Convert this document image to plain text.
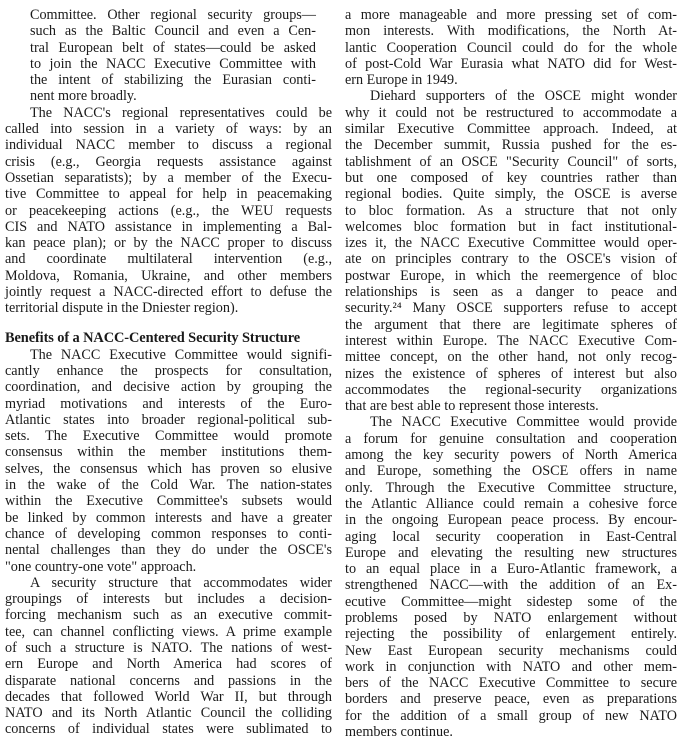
Committee. Other regional security groups—
such as the Baltic Council and even a Cen-
tral European belt of states—could be asked
to join the NACC Executive Committee with
the intent of stabilizing the Eurasian conti-
nent more broadly.
The NACC's regional representatives could be
called into session in a variety of ways: by an
individual NACC member to discuss a regional
crisis (e.g., Georgia requests assistance against
Ossetian separatists); by a member of the Execu-
tive Committee to appeal for help in peacemaking
or peacekeeping actions (e.g., the WEU requests
CIS and NATO assistance in implementing a Bal-
kan peace plan); or by the NACC proper to discuss
and coordinate multilateral intervention (e.g.,
Moldova, Romania, Ukraine, and other members
jointly request a NACC-directed effort to defuse the
territorial dispute in the Dniester region).
Benefits of a NACC-Centered Security Structure
The NACC Executive Committee would signifi-
cantly enhance the prospects for consultation,
coordination, and decisive action by grouping the
myriad motivations and interests of the Euro-
Atlantic states into broader regional-political sub-
sets. The Executive Committee would promote
consensus within the member institutions them-
selves, the consensus which has proven so elusive
in the wake of the Cold War. The nation-states
within the Executive Committee's subsets would
be linked by common interests and have a greater
chance of developing common responses to conti-
nental challenges than they do under the OSCE's
"one country-one vote" approach.
A security structure that accommodates wider
groupings of interests but includes a decision-
forcing mechanism such as an executive commit-
tee, can channel conflicting views. A prime example
of such a structure is NATO. The nations of west-
ern Europe and North America had scores of
disparate national concerns and passions in the
decades that followed World War II, but through
NATO and its North Atlantic Council the colliding
concerns of individual states were sublimated to
a more manageable and more pressing set of com-
mon interests. With modifications, the North At-
lantic Cooperation Council could do for the whole
of post-Cold War Eurasia what NATO did for West-
ern Europe in 1949.
Diehard supporters of the OSCE might wonder
why it could not be restructured to accommodate a
similar Executive Committee approach. Indeed, at
the December summit, Russia pushed for the es-
tablishment of an OSCE "Security Council" of sorts,
but one composed of key countries rather than
regional bodies. Quite simply, the OSCE is averse
to bloc formation. As a structure that not only
welcomes bloc formation but in fact institutional-
izes it, the NACC Executive Committee would oper-
ate on principles contrary to the OSCE's vision of
postwar Europe, in which the reemergence of bloc
relationships is seen as a danger to peace and
security.²⁴ Many OSCE supporters refuse to accept
the argument that there are legitimate spheres of
interest within Europe. The NACC Executive Com-
mittee concept, on the other hand, not only recog-
nizes the existence of spheres of interest but also
accommodates the regional-security organizations
that are best able to represent those interests.
The NACC Executive Committee would provide
a forum for genuine consultation and cooperation
among the key security powers of North America
and Europe, something the OSCE offers in name
only. Through the Executive Committee structure,
the Atlantic Alliance could remain a cohesive force
in the ongoing European peace process. By encour-
aging local security cooperation in East-Central
Europe and elevating the resulting new structures
to an equal place in a Euro-Atlantic framework, a
strengthened NACC—with the addition of an Ex-
ecutive Committee—might sidestep some of the
problems posed by NATO enlargement without
rejecting the possibility of enlargement entirely.
New East European security mechanisms could
work in conjunction with NATO and other mem-
bers of the NACC Executive Committee to secure
borders and preserve peace, even as preparations
for the addition of a small group of new NATO
members continue.
